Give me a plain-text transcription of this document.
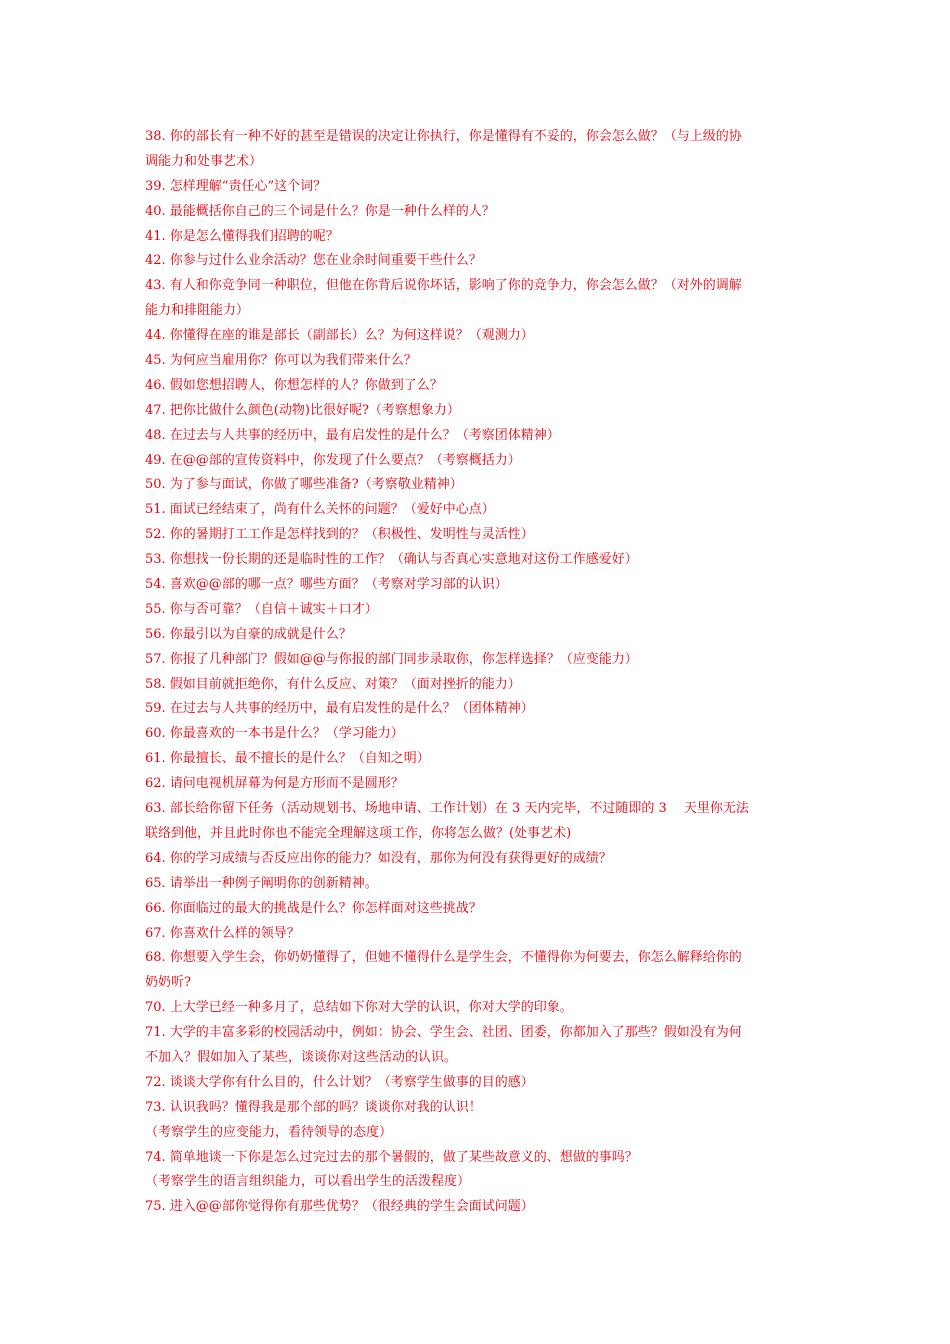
38. 你的部长有一种不好的甚至是错误的决定让你执行，你是懂得有不妥的，你会怎么做？（与上级的协
调能力和处事艺术）
39. 怎样理解“责任心”这个词？
40. 最能概括你自己的三个词是什么？你是一种什么样的人？
41. 你是怎么懂得我们招聘的呢？
42. 你参与过什么业余活动？您在业余时间重要干些什么？
43. 有人和你竞争同一种职位，但他在你背后说你坏话，影响了你的竞争力，你会怎么做？（对外的调解
能力和排阻能力）
44. 你懂得在座的谁是部长（副部长）么？为何这样说？（观测力）
45. 为何应当雇用你？你可以为我们带来什么？
46. 假如您想招聘人，你想怎样的人？你做到了么？
47. 把你比做什么颜色(动物)比很好呢?（考察想象力）
48. 在过去与人共事的经历中，最有启发性的是什么？（考察团体精神）
49. 在@@部的宣传资料中，你发现了什么要点？（考察概括力）
50. 为了参与面试，你做了哪些准备?（考察敬业精神）
51. 面试已经结束了，尚有什么关怀的问题？（爱好中心点）
52. 你的暑期打工工作是怎样找到的？（积极性、发明性与灵活性）
53. 你想找一份长期的还是临时性的工作？（确认与否真心实意地对这份工作感爱好）
54. 喜欢@@部的哪一点？哪些方面？（考察对学习部的认识）
55. 你与否可靠？（自信＋诚实＋口才）
56. 你最引以为自豪的成就是什么？
57. 你报了几种部门？假如@@与你报的部门同步录取你，你怎样选择？（应变能力）
58. 假如目前就拒绝你，有什么反应、对策？（面对挫折的能力）
59. 在过去与人共事的经历中，最有启发性的是什么？（团体精神）
60. 你最喜欢的一本书是什么？（学习能力）
61. 你最擅长、最不擅长的是什么？（自知之明）
62. 请问电视机屏幕为何是方形而不是圆形？
63. 部长给你留下任务（活动规划书、场地申请、工作计划）在 3 天内完毕，不过随即的 3 　天里你无法
联络到他，并且此时你也不能完全理解这项工作，你将怎么做？(处事艺术)
64. 你的学习成绩与否反应出你的能力？如没有，那你为何没有获得更好的成绩？
65. 请举出一种例子阐明你的创新精神。
66. 你面临过的最大的挑战是什么？你怎样面对这些挑战？
67. 你喜欢什么样的领导？
68. 你想要入学生会，你奶奶懂得了，但她不懂得什么是学生会，不懂得你为何要去，你怎么解释给你的
奶奶听?
70. 上大学已经一种多月了，总结如下你对大学的认识，你对大学的印象。
71. 大学的丰富多彩的校园活动中，例如：协会、学生会、社团、团委，你都加入了那些？假如没有为何
不加入？假如加入了某些，谈谈你对这些活动的认识。
72. 谈谈大学你有什么目的，什么计划？（考察学生做事的目的感）
73. 认识我吗？懂得我是那个部的吗？谈谈你对我的认识！
（考察学生的应变能力，看待领导的态度）
74. 简单地谈一下你是怎么过完过去的那个暑假的，做了某些故意义的、想做的事吗？
（考察学生的语言组织能力，可以看出学生的活泼程度）
75. 进入@@部你觉得你有那些优势？（很经典的学生会面试问题）
